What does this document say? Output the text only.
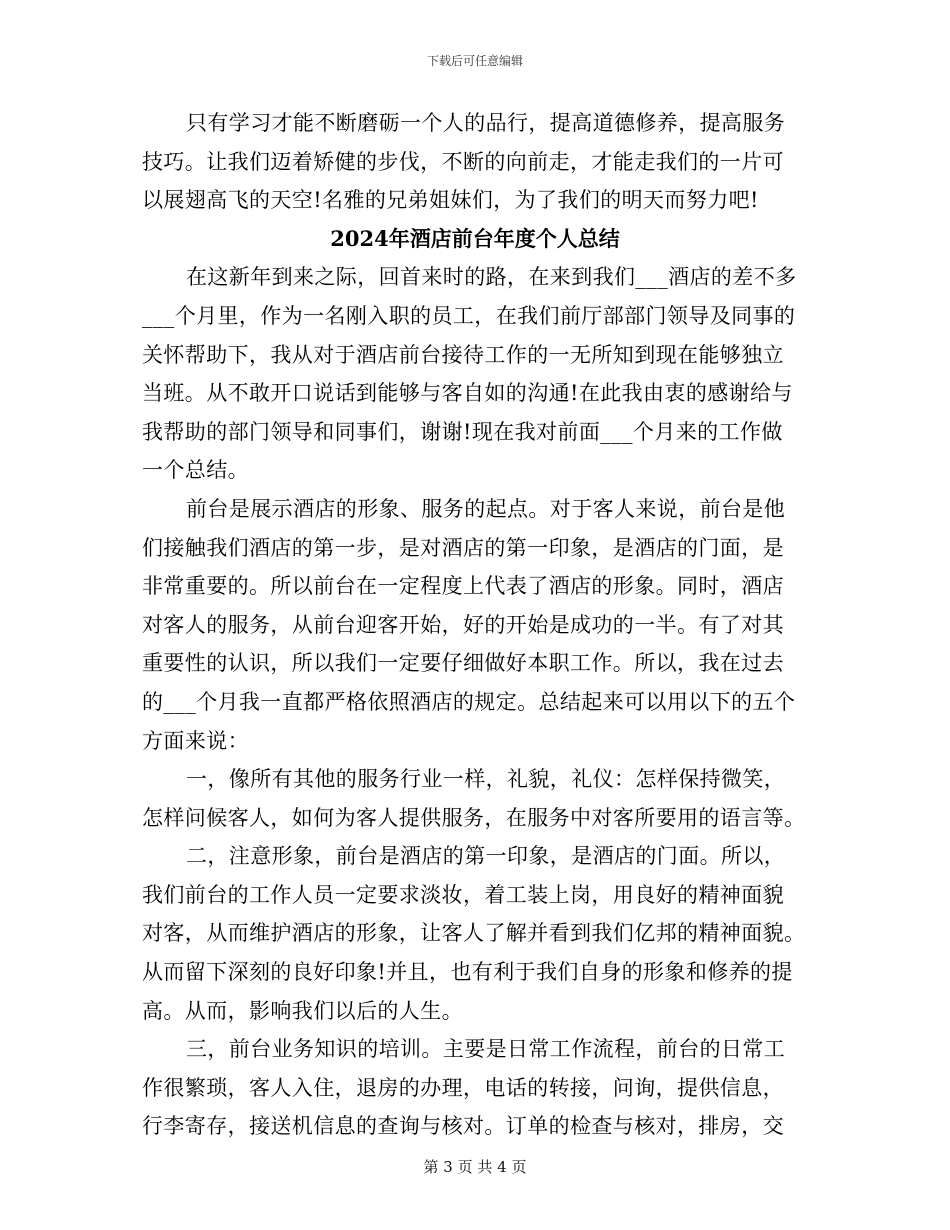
下载后可任意编辑
只有学习才能不断磨砺一个人的品行，提高道德修养，提高服务
技巧。让我们迈着矫健的步伐，不断的向前走，才能走我们的一片可
以展翅高飞的天空!名雅的兄弟姐妹们，为了我们的明天而努力吧!
2024年酒店前台年度个人总结
在这新年到来之际，回首来时的路，在来到我们___酒店的差不多
___个月里，作为一名刚入职的员工，在我们前厅部部门领导及同事的
关怀帮助下，我从对于酒店前台接待工作的一无所知到现在能够独立
当班。从不敢开口说话到能够与客自如的沟通!在此我由衷的感谢给与
我帮助的部门领导和同事们，谢谢!现在我对前面___个月来的工作做
一个总结。
前台是展示酒店的形象、服务的起点。对于客人来说，前台是他
们接触我们酒店的第一步，是对酒店的第一印象，是酒店的门面，是
非常重要的。所以前台在一定程度上代表了酒店的形象。同时，酒店
对客人的服务，从前台迎客开始，好的开始是成功的一半。有了对其
重要性的认识，所以我们一定要仔细做好本职工作。所以，我在过去
的___个月我一直都严格依照酒店的规定。总结起来可以用以下的五个
方面来说：
一，像所有其他的服务行业一样，礼貌，礼仪：怎样保持微笑，
怎样问候客人，如何为客人提供服务，在服务中对客所要用的语言等。
二，注意形象，前台是酒店的第一印象，是酒店的门面。所以，
我们前台的工作人员一定要求淡妆，着工装上岗，用良好的精神面貌
对客，从而维护酒店的形象，让客人了解并看到我们亿邦的精神面貌。
从而留下深刻的良好印象!并且，也有利于我们自身的形象和修养的提
高。从而，影响我们以后的人生。
三，前台业务知识的培训。主要是日常工作流程，前台的日常工
作很繁琐，客人入住，退房的办理，电话的转接，问询，提供信息，
行李寄存，接送机信息的查询与核对。订单的检查与核对，排房，交
第 3 页 共 4 页
